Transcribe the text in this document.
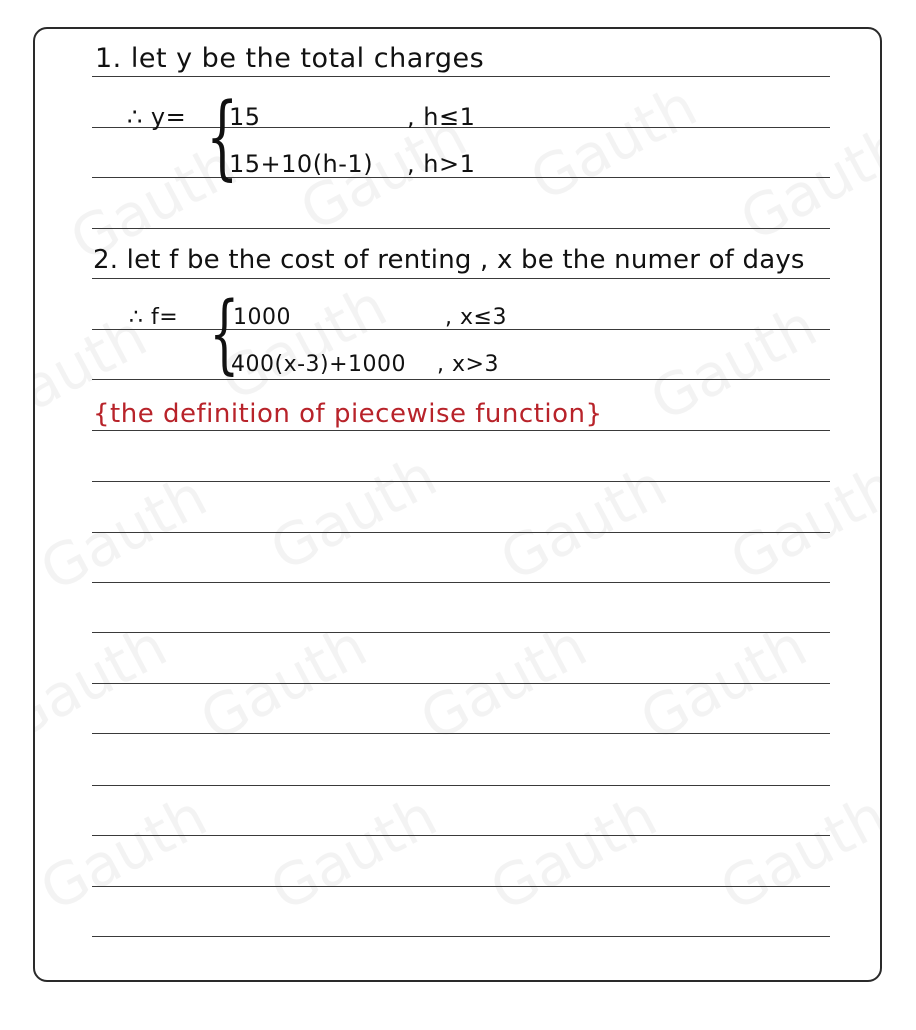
1. let y be the total charges
∴ y= {
15	, h≤1
15+10(h-1) , h>1
2. let f be the cost of renting , x be the numer of days
∴ f= {
1000	, x≤3
400(x-3)+1000 , x>3
{the definition of piecewise function}
